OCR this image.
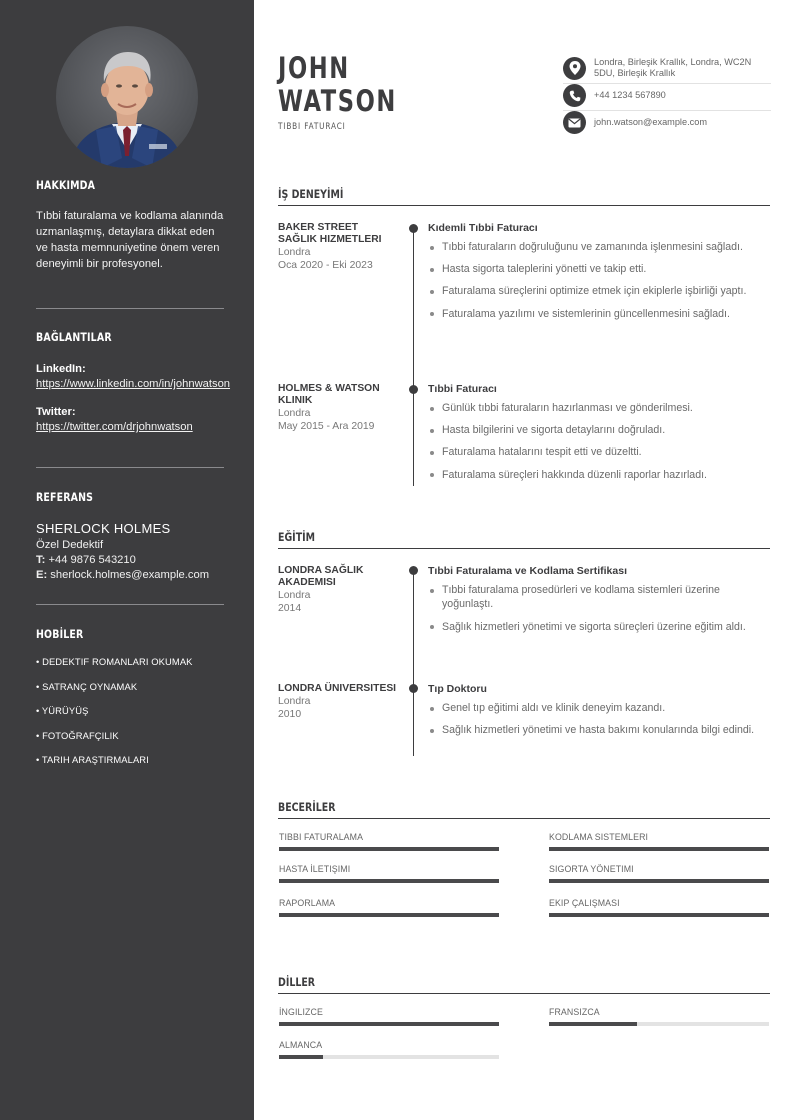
HAKKIMDA
Tıbbi faturalama ve kodlama alanında uzmanlaşmış, detaylara dikkat eden ve hasta memnuniyetine önem veren deneyimli bir profesyonel.
BAĞLANTILAR
LinkedIn:
https://www.linkedin.com/in/johnwatson
Twitter:
https://twitter.com/drjohnwatson
REFERANS
SHERLOCK HOLMES
Özel Dedektif
T: +44 9876 543210
E: sherlock.holmes@example.com
HOBİLER
• DEDEKTIF ROMANLARI OKUMAK
• SATRANÇ OYNAMAK
• YÜRÜYÜŞ
• FOTOĞRAFÇILIK
• TARIH ARAŞTIRMALARI
JOHN
WATSON
TIBBI FATURACI
Londra, Birleşik Krallık, Londra, WC2N 5DU, Birleşik Krallık
+44 1234 567890
john.watson@example.com
İŞ DENEYİMİ
BAKER STREET SAĞLIK HIZMETLERI
Londra
Oca 2020 - Eki 2023
Kıdemli Tıbbi Faturacı
Tıbbi faturaların doğruluğunu ve zamanında işlenmesini sağladı.
Hasta sigorta taleplerini yönetti ve takip etti.
Faturalama süreçlerini optimize etmek için ekiplerle işbirliği yaptı.
Faturalama yazılımı ve sistemlerinin güncellenmesini sağladı.
HOLMES & WATSON KLINIK
Londra
May 2015 - Ara 2019
Tıbbi Faturacı
Günlük tıbbi faturaların hazırlanması ve gönderilmesi.
Hasta bilgilerini ve sigorta detaylarını doğruladı.
Faturalama hatalarını tespit etti ve düzeltti.
Faturalama süreçleri hakkında düzenli raporlar hazırladı.
EĞİTİM
LONDRA SAĞLIK AKADEMISI
Londra
2014
Tıbbi Faturalama ve Kodlama Sertifikası
Tıbbi faturalama prosedürleri ve kodlama sistemleri üzerine yoğunlaştı.
Sağlık hizmetleri yönetimi ve sigorta süreçleri üzerine eğitim aldı.
LONDRA ÜNIVERSITESI
Londra
2010
Tıp Doktoru
Genel tıp eğitimi aldı ve klinik deneyim kazandı.
Sağlık hizmetleri yönetimi ve hasta bakımı konularında bilgi edindi.
BECERİLER
TIBBI FATURALAMA	KODLAMA SISTEMLERI
HASTA İLETIŞIMI	SIGORTA YÖNETIMI
RAPORLAMA	EKIP ÇALIŞMASI
DİLLER
İNGILIZCE	FRANSIZCA
ALMANCA
